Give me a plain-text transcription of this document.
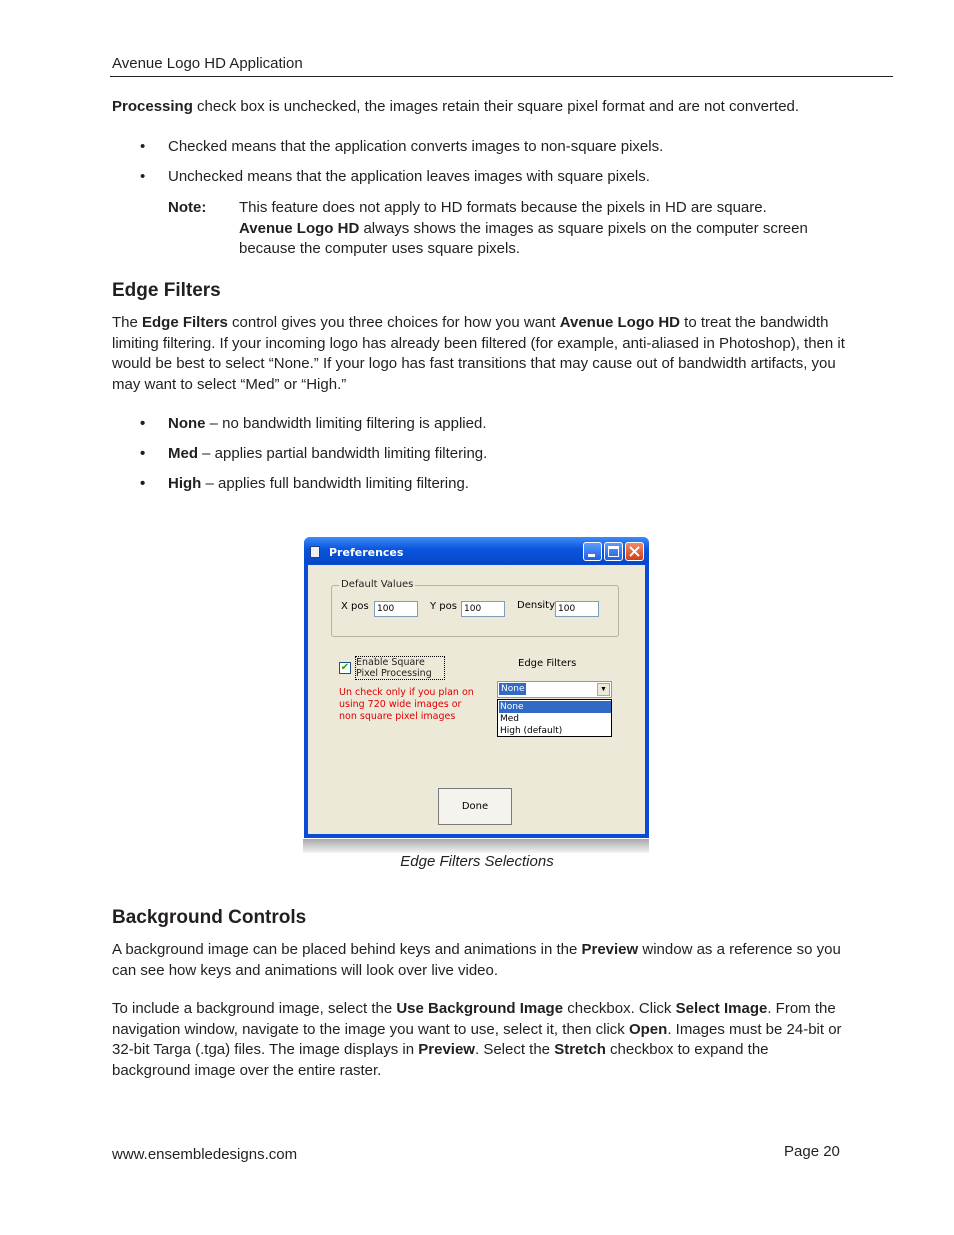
Avenue Logo HD Application
Processing check box is unchecked, the images retain their square pixel format and are not converted.
•	Checked means that the application converts images to non-square pixels.
•	Unchecked means that the application leaves images with square pixels.
Note: This feature does not apply to HD formats because the pixels in HD are square.
Avenue Logo HD always shows the images as square pixels on the computer screen
because the computer uses square pixels.
Edge Filters
The Edge Filters control gives you three choices for how you want Avenue Logo HD to treat the bandwidth limiting filtering. If your incoming logo has already been filtered (for example, anti-aliased in Photoshop), then it would be best to select “None.” If your logo has fast transitions that may cause out of bandwidth artifacts, you may want to select “Med” or “High.”
•	None – no bandwidth limiting filtering is applied.
•	Med – applies partial bandwidth limiting filtering.
•	High – applies full bandwidth limiting filtering.
Preferences
Default Values
X pos 100	Y pos 100	Density 100
✔ Enable Square Pixel Processing
Un check only if you plan on using 720 wide images or non square pixel images
Edge Filters
None	▼
None
Med
High (default)
Done
Edge Filters Selections
Background Controls
A background image can be placed behind keys and animations in the Preview window as a reference so you can see how keys and animations will look over live video.
To include a background image, select the Use Background Image checkbox. Click Select Image. From the navigation window, navigate to the image you want to use, select it, then click Open. Images must be 24-bit or 32-bit Targa (.tga) files. The image displays in Preview. Select the Stretch checkbox to expand the background image over the entire raster.
www.ensembledesigns.com	Page 20
